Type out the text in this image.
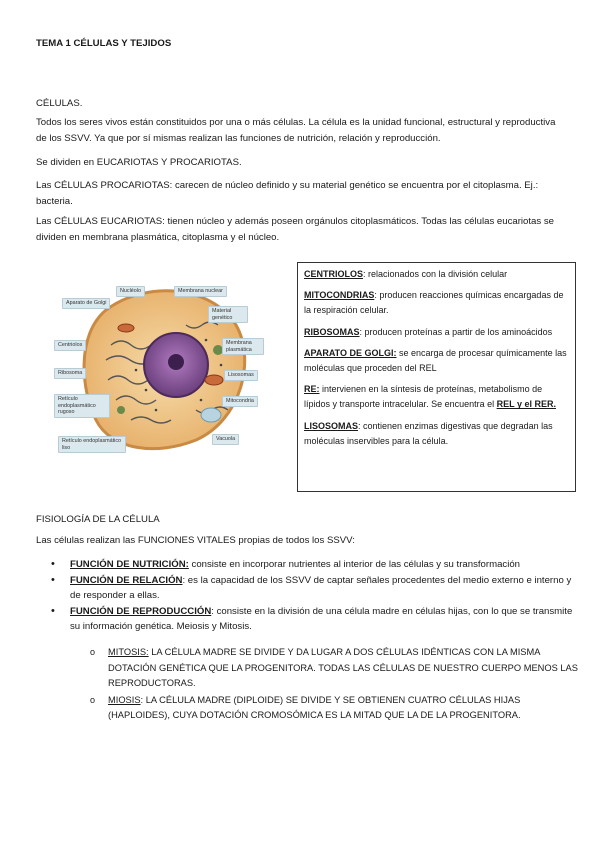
TEMA 1 CÉLULAS Y TEJIDOS

CÉLULAS.

Todos los seres vivos están constituidos por una o más células. La célula es la unidad funcional, estructural y reproductiva de los SSVV. Ya que por sí mismas realizan las funciones de nutrición, relación y reproducción.

Se dividen en EUCARIOTAS Y PROCARIOTAS.

Las CÉLULAS PROCARIOTAS: carecen de núcleo definido y su material genético se encuentra por el citoplasma. Ej.: bacteria.

Las CÉLULAS EUCARIOTAS: tienen núcleo y además poseen orgánulos citoplasmáticos. Todas las células eucariotas se dividen en membrana plasmática, citoplasma y el núcleo.

Aparato de Golgi
Nucléolo	Membrana nuclear
Material genético
Centriolos	Membrana plasmática
Ribosoma	Lisosomas
Retículo endoplasmático rugoso
Mitocondria
Vacuola
Retículo endoplasmático liso

CENTRIOLOS: relacionados con la división celular

MITOCONDRIAS: producen reacciones químicas encargadas de la respiración celular.

RIBOSOMAS: producen proteínas a partir de los aminoácidos

APARATO DE GOLGI: se encarga de procesar químicamente las moléculas que proceden del REL

RE: intervienen en la síntesis de proteínas, metabolismo de lípidos y transporte intracelular. Se encuentra el REL y el RER.

LISOSOMAS: contienen enzimas digestivas que degradan las moléculas inservibles para la célula.

FISIOLOGÍA DE LA CÉLULA

Las células realizan las FUNCIONES VITALES propias de todos los SSVV:

• FUNCIÓN DE NUTRICIÓN: consiste en incorporar nutrientes al interior de las células y su transformación
• FUNCIÓN DE RELACIÓN: es la capacidad de los SSVV de captar señales procedentes del medio externo e interno y de responder a ellas.
• FUNCIÓN DE REPRODUCCIÓN: consiste en la división de una célula madre en células hijas, con lo que se transmite su información genética. Meiosis y Mitosis.
o MITOSIS: LA CÉLULA MADRE SE DIVIDE Y DA LUGAR A DOS CÉLULAS IDÉNTICAS CON LA MISMA DOTACIÓN GENÉTICA QUE LA PROGENITORA. TODAS LAS CÉLULAS DE NUESTRO CUERPO MENOS LAS REPRODUCTORAS.
o MIOSIS: LA CÉLULA MADRE (DIPLOIDE) SE DIVIDE Y SE OBTIENEN CUATRO CÉLULAS HIJAS (HAPLOIDES), CUYA DOTACIÓN CROMOSÓMICA ES LA MITAD QUE LA DE LA PROGENITORA.
